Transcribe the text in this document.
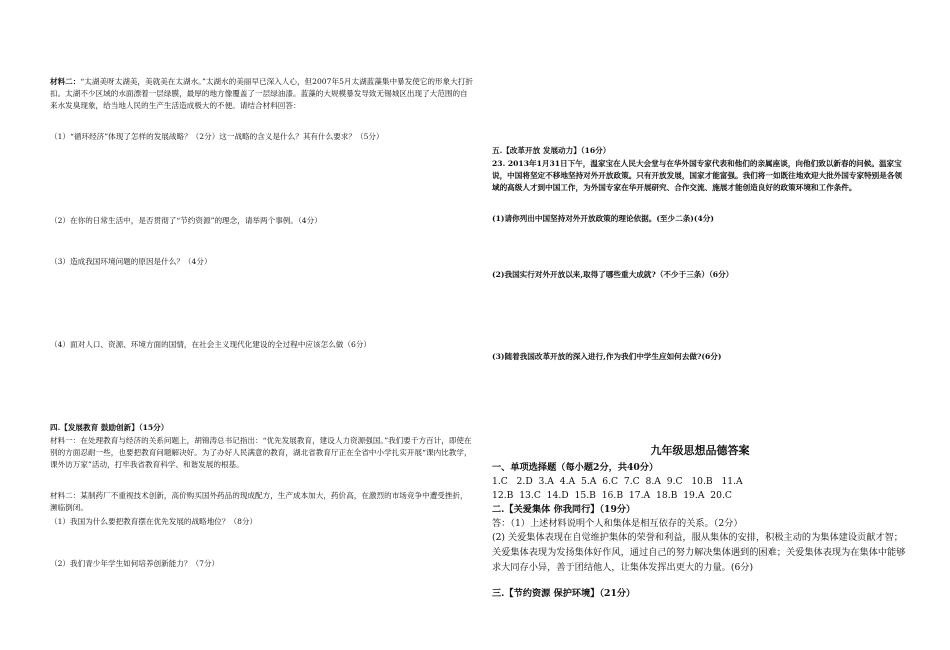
材料二：“太湖美呀太湖美，美就美在太湖水。”太湖水的美丽早已深入人心，但2007年5月太湖蓝藻集中暴发使它的形象大打折扣。太湖不少区域的水面漂着一层绿膜，最厚的地方像覆盖了一层绿油漆。蓝藻的大规模暴发导致无锡城区出现了大范围的自来水发臭现象，给当地人民的生产生活造成极大的不便。请结合材料回答：

（1）“循环经济”体现了怎样的发展战略？（2分）这一战略的含义是什么？其有什么要求？（5分）

（2）在你的日常生活中，是否贯彻了“节约资源”的理念，请举两个事例。（4分）

（3）造成我国环境问题的原因是什么？（4分）

（4）面对人口、资源、环境方面的国情，在社会主义现代化建设的全过程中应该怎么做（6分）

四.【发展教育 鼓励创新】（15分）

材料一：在处理教育与经济的关系问题上，胡锦涛总书记指出：“优先发展教育，建设人力资源强国。”我们要千方百计，即使在别的方面忍耐一些，也要把教育问题解决好。为了办好人民满意的教育，湖北省教育厅正在全省中小学扎实开展“课内比教学，课外访万家”活动，打牢我省教育科学、和谐发展的根基。

材料二：某制药厂不重视技术创新，高价购买国外药品的现成配方，生产成本加大，药价高，在激烈的市场竞争中遭受挫折，濒临倒闭。

（1）我国为什么要把教育摆在优先发展的战略地位？（8分）

（2）我们青少年学生如何培养创新能力？（7分）

五.【改革开放 发展动力】（16分）

23. 2013年1月31日下午，温家宝在人民大会堂与在华外国专家代表和他们的亲属座谈，向他们致以新春的问候。温家宝说，中国将坚定不移地坚持对外开放政策。只有开放发展，国家才能富强。我们将一如既往地欢迎大批外国专家特别是各领域的高级人才到中国工作，为外国专家在华开展研究、合作交流、施展才能创造良好的政策环境和工作条件。

(1)请你列出中国坚持对外开放政策的理论依据。(至少二条)(4分)

(2)我国实行对外开放以来,取得了哪些重大成就?（不少于三条）（6分）

(3)随着我国改革开放的深入进行,作为我们中学生应如何去做?(6分)

九年级思想品德答案

一、单项选择题（每小题2分，共40分）

1.C   2.D  3.A  4.A  5.A  6.C  7.C  8.A  9.C   10.B   11.A

12.B  13.C  14.D  15.B  16.B  17.A  18.B  19.A  20.C

二.【关爱集体 你我同行】（19分）

答：（1）上述材料说明个人和集体是相互依存的关系。（2分）

(2) 关爱集体表现在自觉维护集体的荣誉和利益，服从集体的安排，积极主动的为集体建设贡献才智；关爱集体表现为发扬集体好作风，通过自己的努力解决集体遇到的困难；关爱集体表现为在集体中能够求大同存小异，善于团结他人，让集体发挥出更大的力量。(6分)

三.【节约资源 保护环境】（21分）
